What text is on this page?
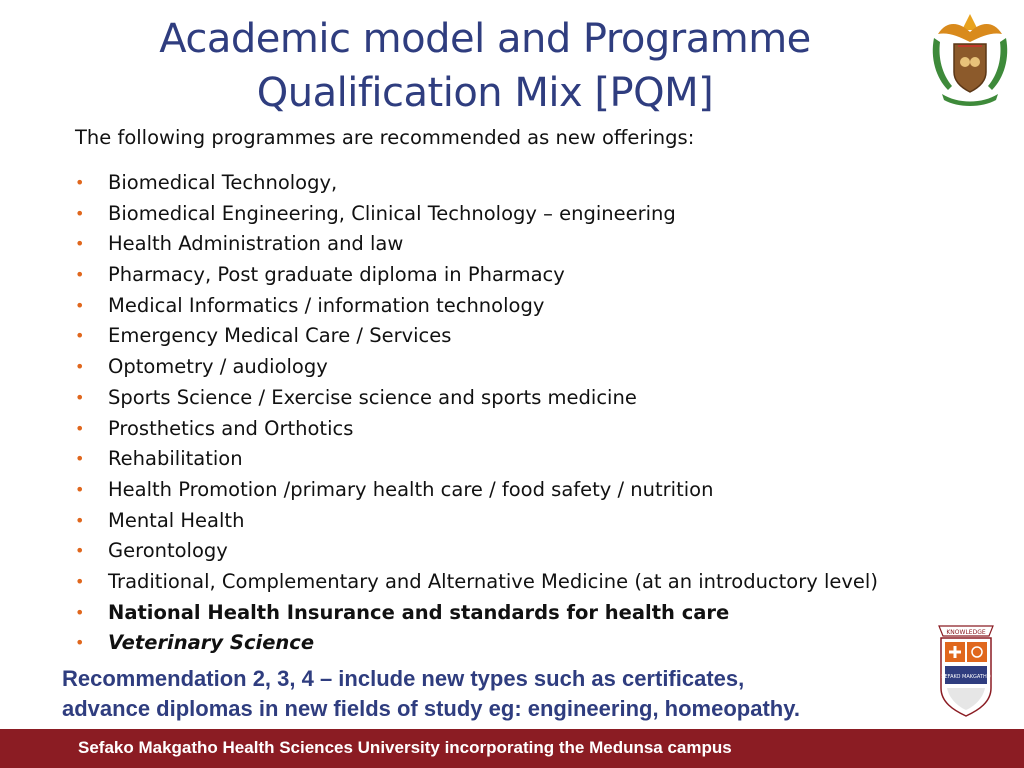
Academic model and Programme
Qualification Mix [PQM]
The following programmes are recommended as new offerings:
• Biomedical Technology,
• Biomedical Engineering, Clinical Technology – engineering
• Health Administration and law
• Pharmacy, Post graduate diploma in Pharmacy
• Medical Informatics / information technology
• Emergency Medical Care / Services
• Optometry / audiology
• Sports Science / Exercise science and sports medicine
• Prosthetics and Orthotics
• Rehabilitation
• Health Promotion /primary health care / food safety / nutrition
• Mental Health
• Gerontology
• Traditional, Complementary and Alternative Medicine (at an introductory level)
• National Health Insurance and standards for health care
• Veterinary Science
Recommendation 2, 3, 4 – include new types such as certificates,
advance diplomas in new fields of study eg: engineering, homeopathy.
KNOWLEDGE
SEFAKO MAKGATHO
Sefako Makgatho Health Sciences University incorporating the Medunsa campus
